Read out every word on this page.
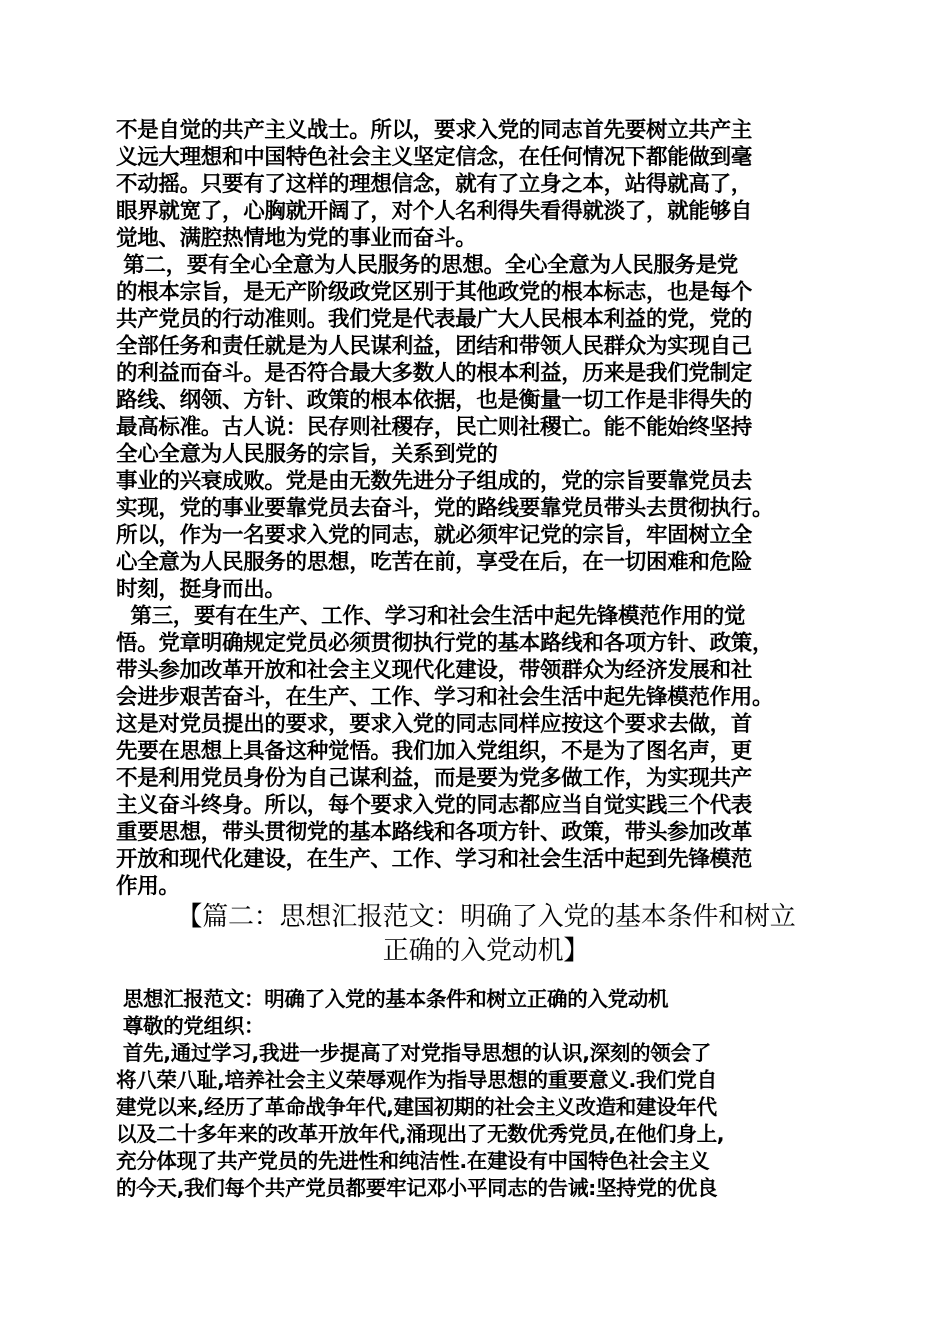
不是自觉的共产主义战士。所以，要求入党的同志首先要树立共产主
义远大理想和中国特色社会主义坚定信念，在任何情况下都能做到毫
不动摇。只要有了这样的理想信念，就有了立身之本，站得就高了，
眼界就宽了，心胸就开阔了，对个人名利得失看得就淡了，就能够自
觉地、满腔热情地为党的事业而奋斗。
第二，要有全心全意为人民服务的思想。全心全意为人民服务是党
的根本宗旨，是无产阶级政党区别于其他政党的根本标志，也是每个
共产党员的行动准则。我们党是代表最广大人民根本利益的党，党的
全部任务和责任就是为人民谋利益，团结和带领人民群众为实现自己
的利益而奋斗。是否符合最大多数人的根本利益，历来是我们党制定
路线、纲领、方针、政策的根本依据，也是衡量一切工作是非得失的
最高标准。古人说：民存则社稷存，民亡则社稷亡。能不能始终坚持
全心全意为人民服务的宗旨，关系到党的
事业的兴衰成败。党是由无数先进分子组成的，党的宗旨要靠党员去
实现，党的事业要靠党员去奋斗，党的路线要靠党员带头去贯彻执行。
所以，作为一名要求入党的同志，就必须牢记党的宗旨，牢固树立全
心全意为人民服务的思想，吃苦在前，享受在后，在一切困难和危险
时刻，挺身而出。
第三，要有在生产、工作、学习和社会生活中起先锋模范作用的觉
悟。党章明确规定党员必须贯彻执行党的基本路线和各项方针、政策，
带头参加改革开放和社会主义现代化建设，带领群众为经济发展和社
会进步艰苦奋斗，在生产、工作、学习和社会生活中起先锋模范作用。
这是对党员提出的要求，要求入党的同志同样应按这个要求去做，首
先要在思想上具备这种觉悟。我们加入党组织，不是为了图名声，更
不是利用党员身份为自己谋利益，而是要为党多做工作，为实现共产
主义奋斗终身。所以，每个要求入党的同志都应当自觉实践三个代表
重要思想，带头贯彻党的基本路线和各项方针、政策，带头参加改革
开放和现代化建设，在生产、工作、学习和社会生活中起到先锋模范
作用。
【篇二：思想汇报范文：明确了入党的基本条件和树立
正确的入党动机】
思想汇报范文：明确了入党的基本条件和树立正确的入党动机
尊敬的党组织：
首先,通过学习,我进一步提高了对党指导思想的认识,深刻的领会了
将八荣八耻,培养社会主义荣辱观作为指导思想的重要意义.我们党自
建党以来,经历了革命战争年代,建国初期的社会主义改造和建设年代
以及二十多年来的改革开放年代,涌现出了无数优秀党员,在他们身上,
充分体现了共产党员的先进性和纯洁性.在建设有中国特色社会主义
的今天,我们每个共产党员都要牢记邓小平同志的告诫:坚持党的优良
